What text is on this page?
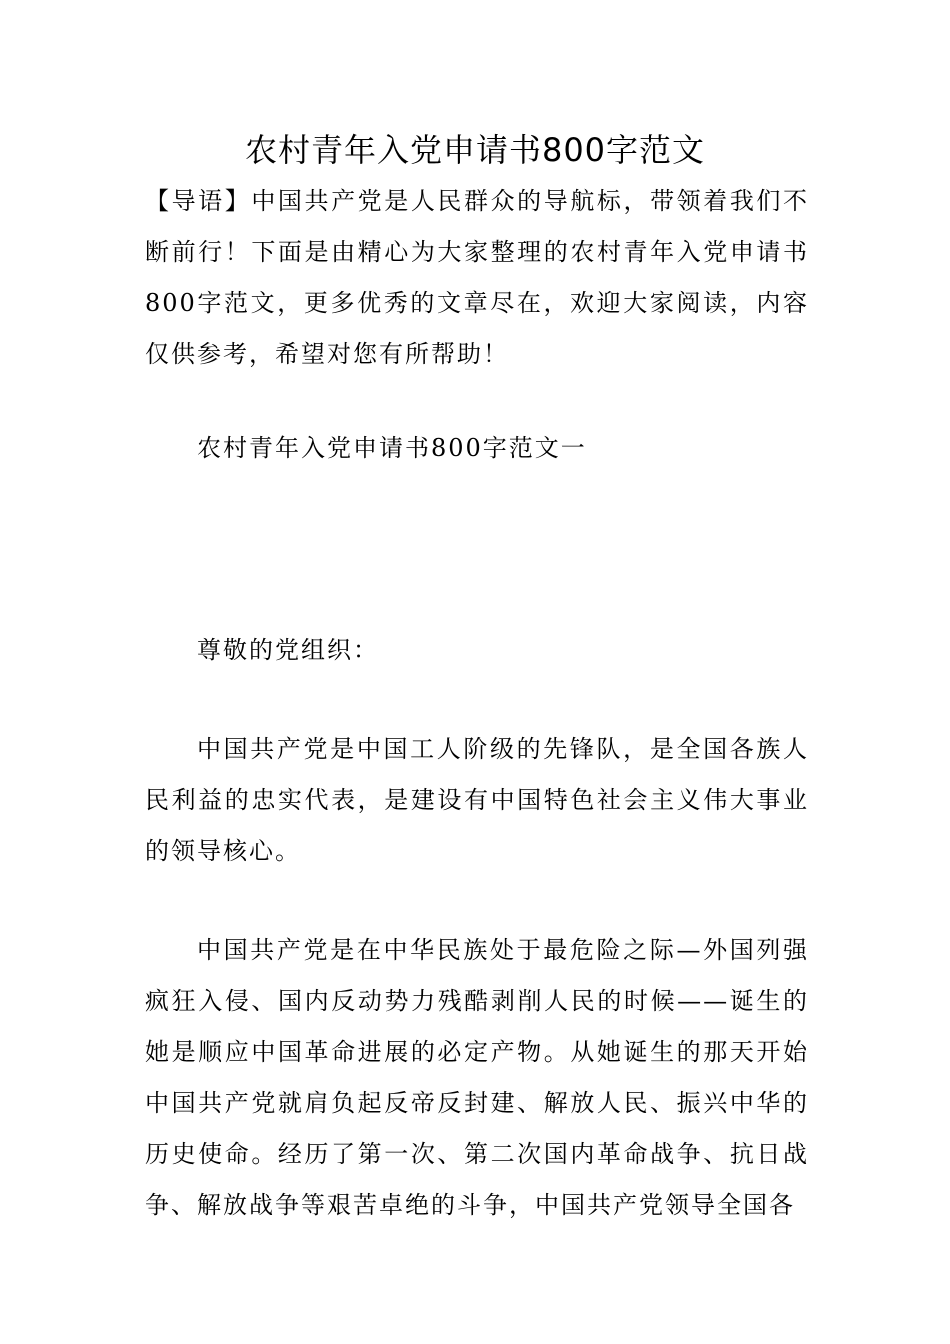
农村青年入党申请书800字范文

【导语】中国共产党是人民群众的导航标，带领着我们不断前行！下面是由精心为大家整理的农村青年入党申请书800字范文，更多优秀的文章尽在，欢迎大家阅读，内容仅供参考，希望对您有所帮助！

农村青年入党申请书800字范文一

尊敬的党组织：

中国共产党是中国工人阶级的先锋队，是全国各族人民利益的忠实代表，是建设有中国特色社会主义伟大事业的领导核心。

中国共产党是在中华民族处于最危险之际—外国列强疯狂入侵、国内反动势力残酷剥削人民的时候——诞生的她是顺应中国革命进展的必定产物。从她诞生的那天开始中国共产党就肩负起反帝反封建、解放人民、振兴中华的历史使命。经历了第一次、第二次国内革命战争、抗日战争、解放战争等艰苦卓绝的斗争，中国共产党领导全国各
